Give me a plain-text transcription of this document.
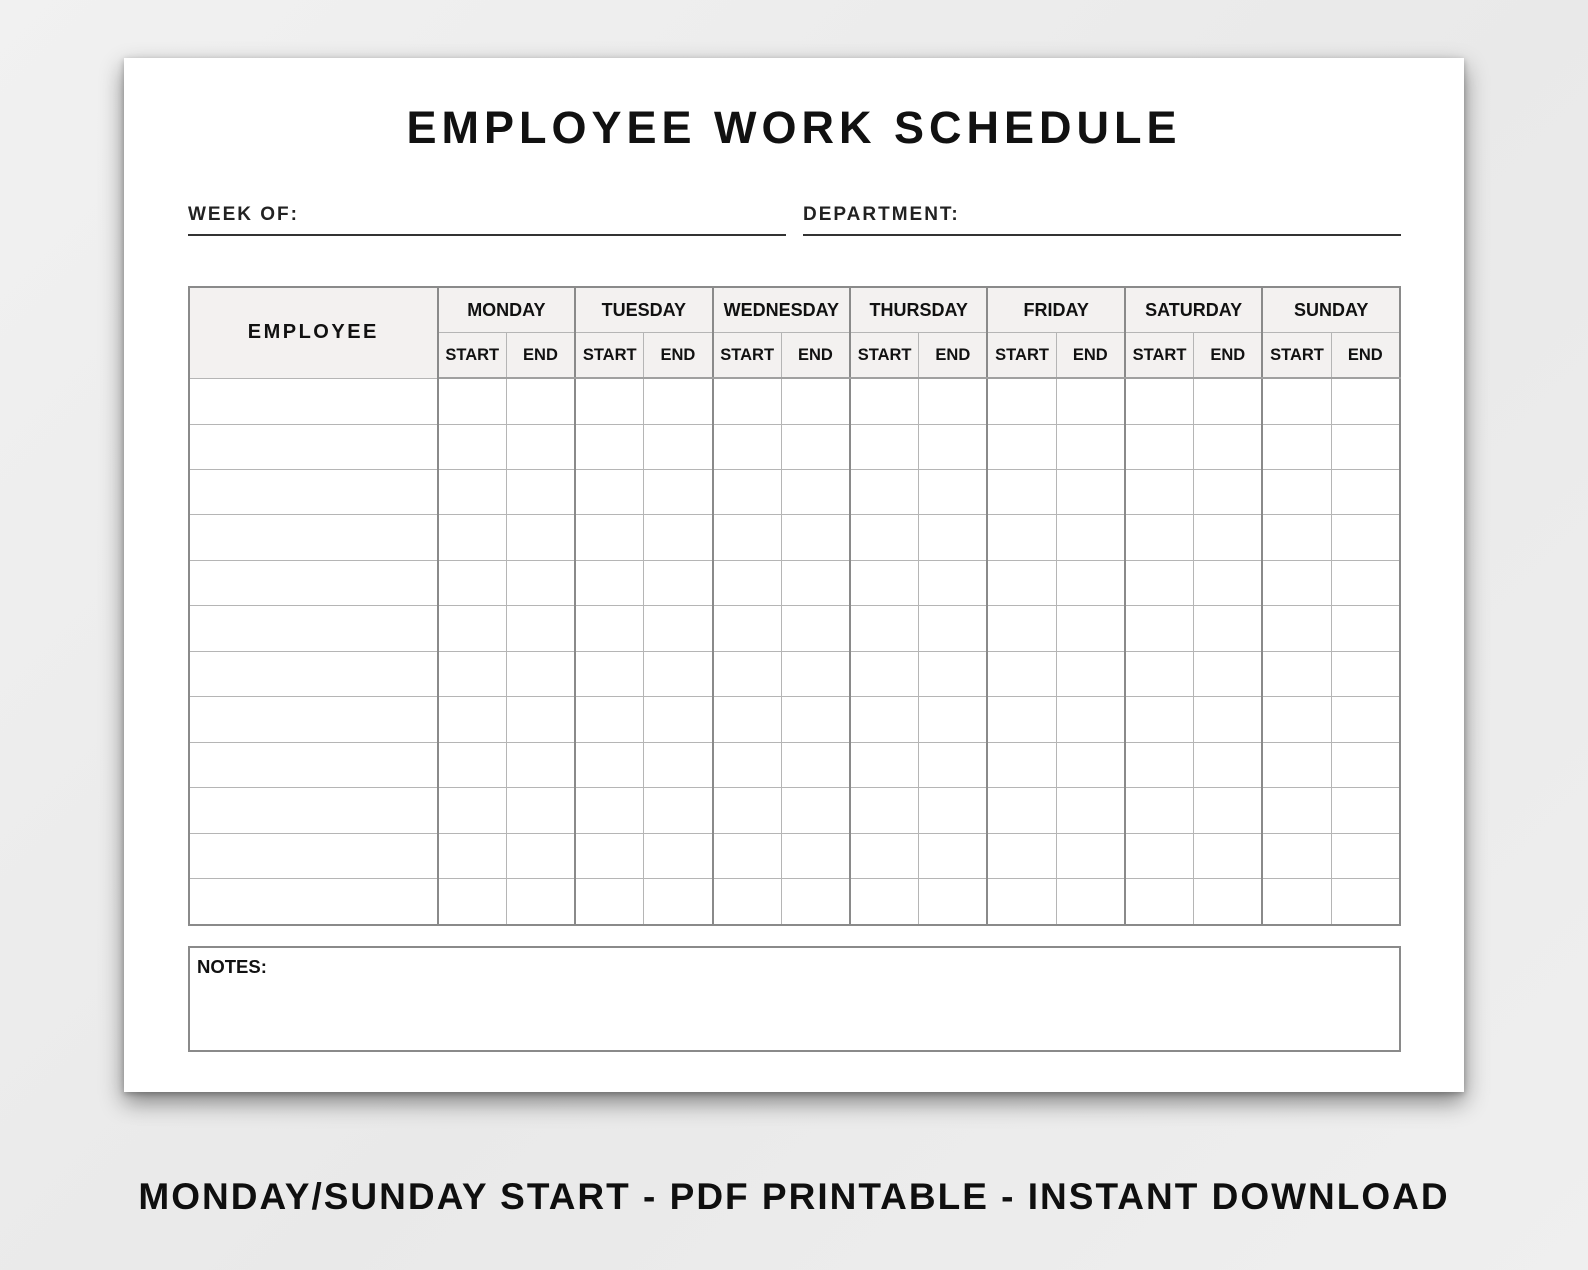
EMPLOYEE WORK SCHEDULE
WEEK OF:	DEPARTMENT:
EMPLOYEE	MONDAY		TUESDAY		WEDNESDAY		THURSDAY		FRIDAY		SATURDAY		SUNDAY	
	START	END	START	END	START	END	START	END	START	END	START	END	START	END

NOTES:
MONDAY/SUNDAY START - PDF PRINTABLE - INSTANT DOWNLOAD
